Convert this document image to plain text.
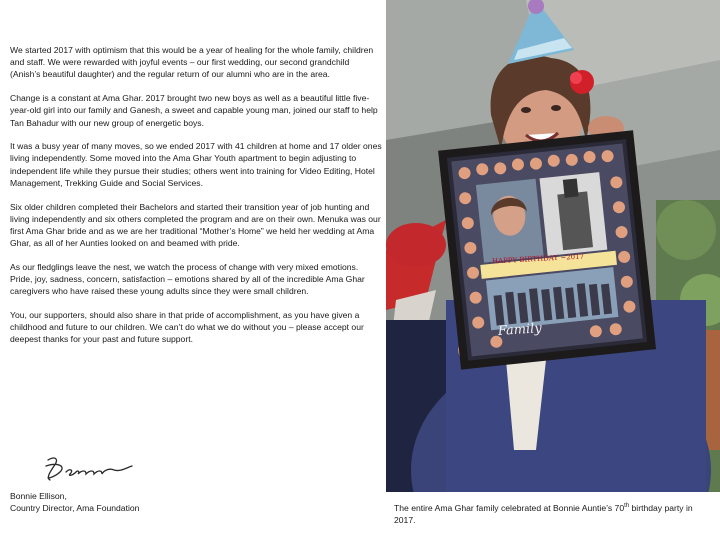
We started 2017 with optimism that this would be a year of healing for the whole family, children and staff. We were rewarded with joyful events – our first wedding, our second grandchild (Anish’s beautiful daughter) and the regular return of our alumni who are in the area.

Change is a constant at Ama Ghar. 2017 brought two new boys as well as a beautiful little five-year-old girl into our family and Ganesh, a sweet and capable young man, joined our staff to help Tan Bahadur with our new group of energetic boys.

It was a busy year of many moves, so we ended 2017 with 41 children at home and 17 older ones living independently. Some moved into the Ama Ghar Youth apartment to begin adjusting to independent life while they pursue their studies; others went into training for Video Editing, Hotel Management, Trekking Guide and Social Services.

Six older children completed their Bachelors and started their transition year of job hunting and living independently and six others completed the program and are on their own. Menuka was our first Ama Ghar bride and as we are her traditional “Mother’s Home” we held her wedding at Ama Ghar, as all of her Aunties looked on and beamed with pride.

As our fledglings leave the nest, we watch the process of change with very mixed emotions. Pride, joy, sadness, concern, satisfaction – emotions shared by all of the incredible Ama Ghar caregivers who have raised these young adults since they were small children.

You, our supporters, should also share in that pride of accomplishment, as you have given a childhood and future to our children. We can’t do what we do without you – please accept our deepest thanks for your past and future support.

Bonnie Ellison,
Country Director, Ama Foundation
HAPPY BIRTHDAY ~2017
Family
The entire Ama Ghar family celebrated at Bonnie Auntie’s 70th birthday party in 2017.
